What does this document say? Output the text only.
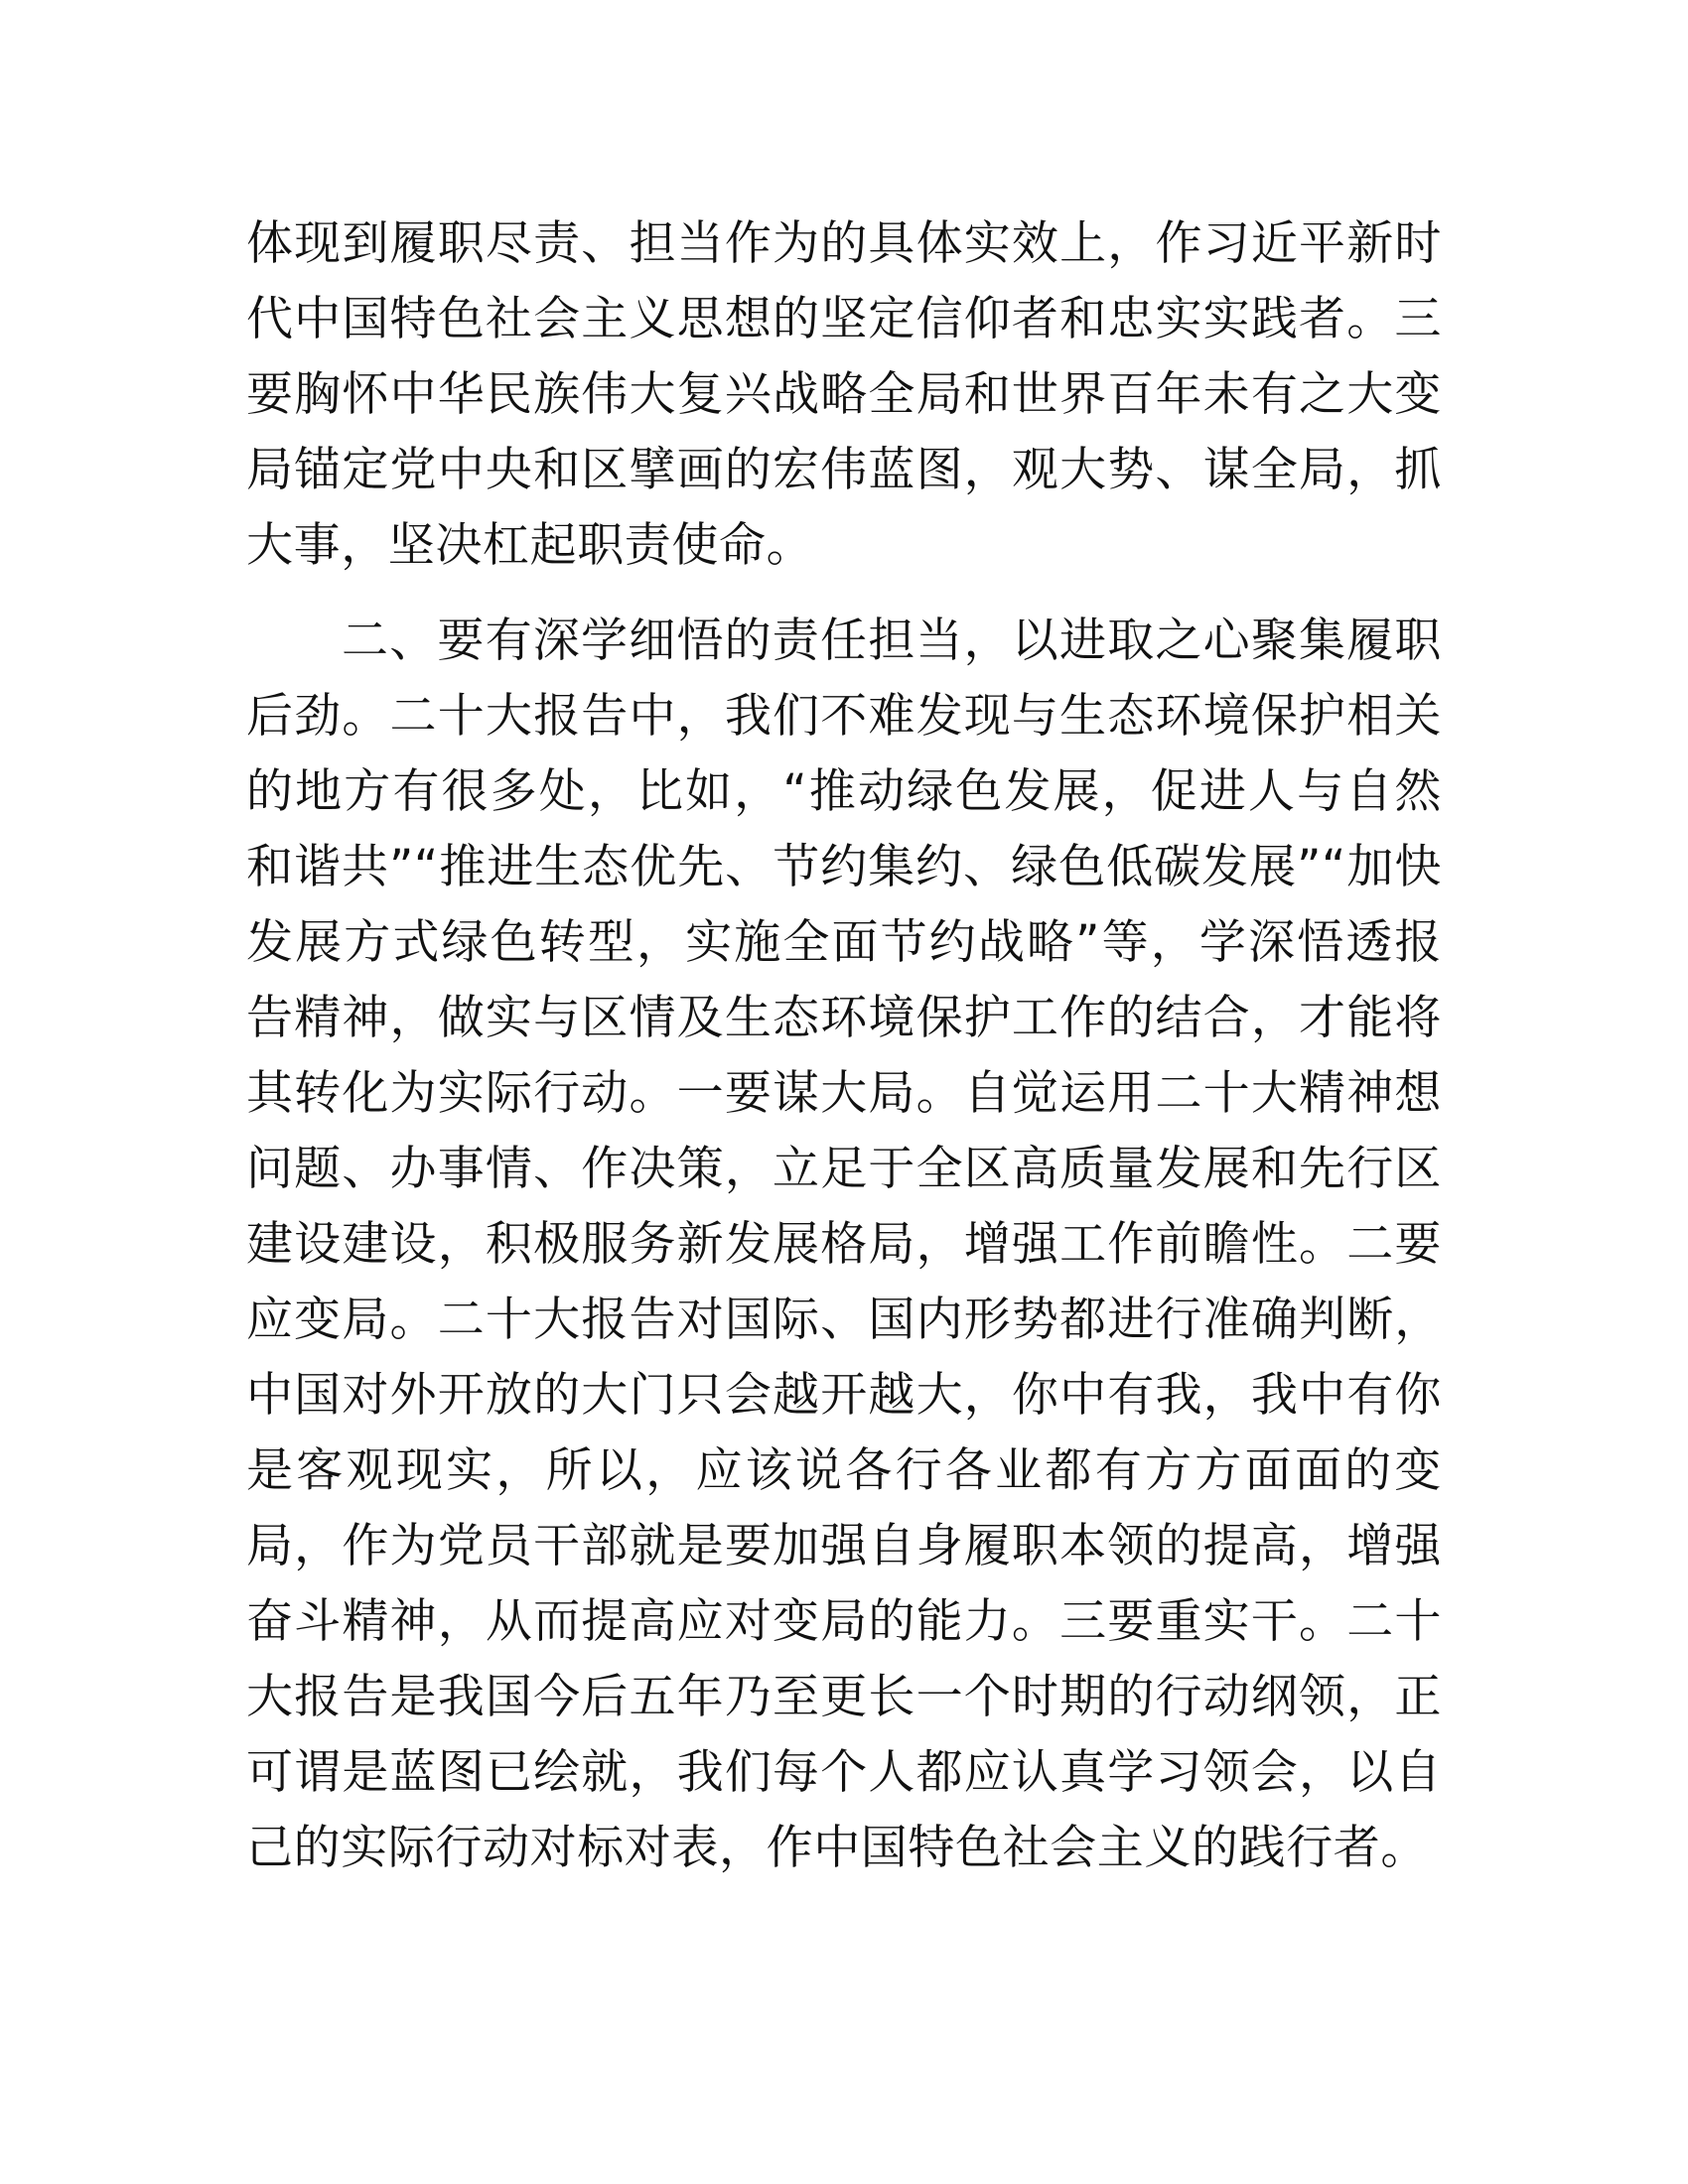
体现到履职尽责、担当作为的具体实效上，作习近平新时代中国特色社会主义思想的坚定信仰者和忠实实践者。三要胸怀中华民族伟大复兴战略全局和世界百年未有之大变局锚定党中央和区擘画的宏伟蓝图，观大势、谋全局，抓大事，坚决杠起职责使命。

二、要有深学细悟的责任担当，以进取之心聚集履职后劲。二十大报告中，我们不难发现与生态环境保护相关的地方有很多处，比如，“推动绿色发展，促进人与自然和谐共”“推进生态优先、节约集约、绿色低碳发展”“加快发展方式绿色转型，实施全面节约战略”等，学深悟透报告精神，做实与区情及生态环境保护工作的结合，才能将其转化为实际行动。一要谋大局。自觉运用二十大精神想问题、办事情、作决策，立足于全区高质量发展和先行区建设建设，积极服务新发展格局，增强工作前瞻性。二要应变局。二十大报告对国际、国内形势都进行准确判断，中国对外开放的大门只会越开越大，你中有我，我中有你是客观现实，所以，应该说各行各业都有方方面面的变局，作为党员干部就是要加强自身履职本领的提高，增强奋斗精神，从而提高应对变局的能力。三要重实干。二十大报告是我国今后五年乃至更长一个时期的行动纲领，正可谓是蓝图已绘就，我们每个人都应认真学习领会，以自己的实际行动对标对表，作中国特色社会主义的践行者。
